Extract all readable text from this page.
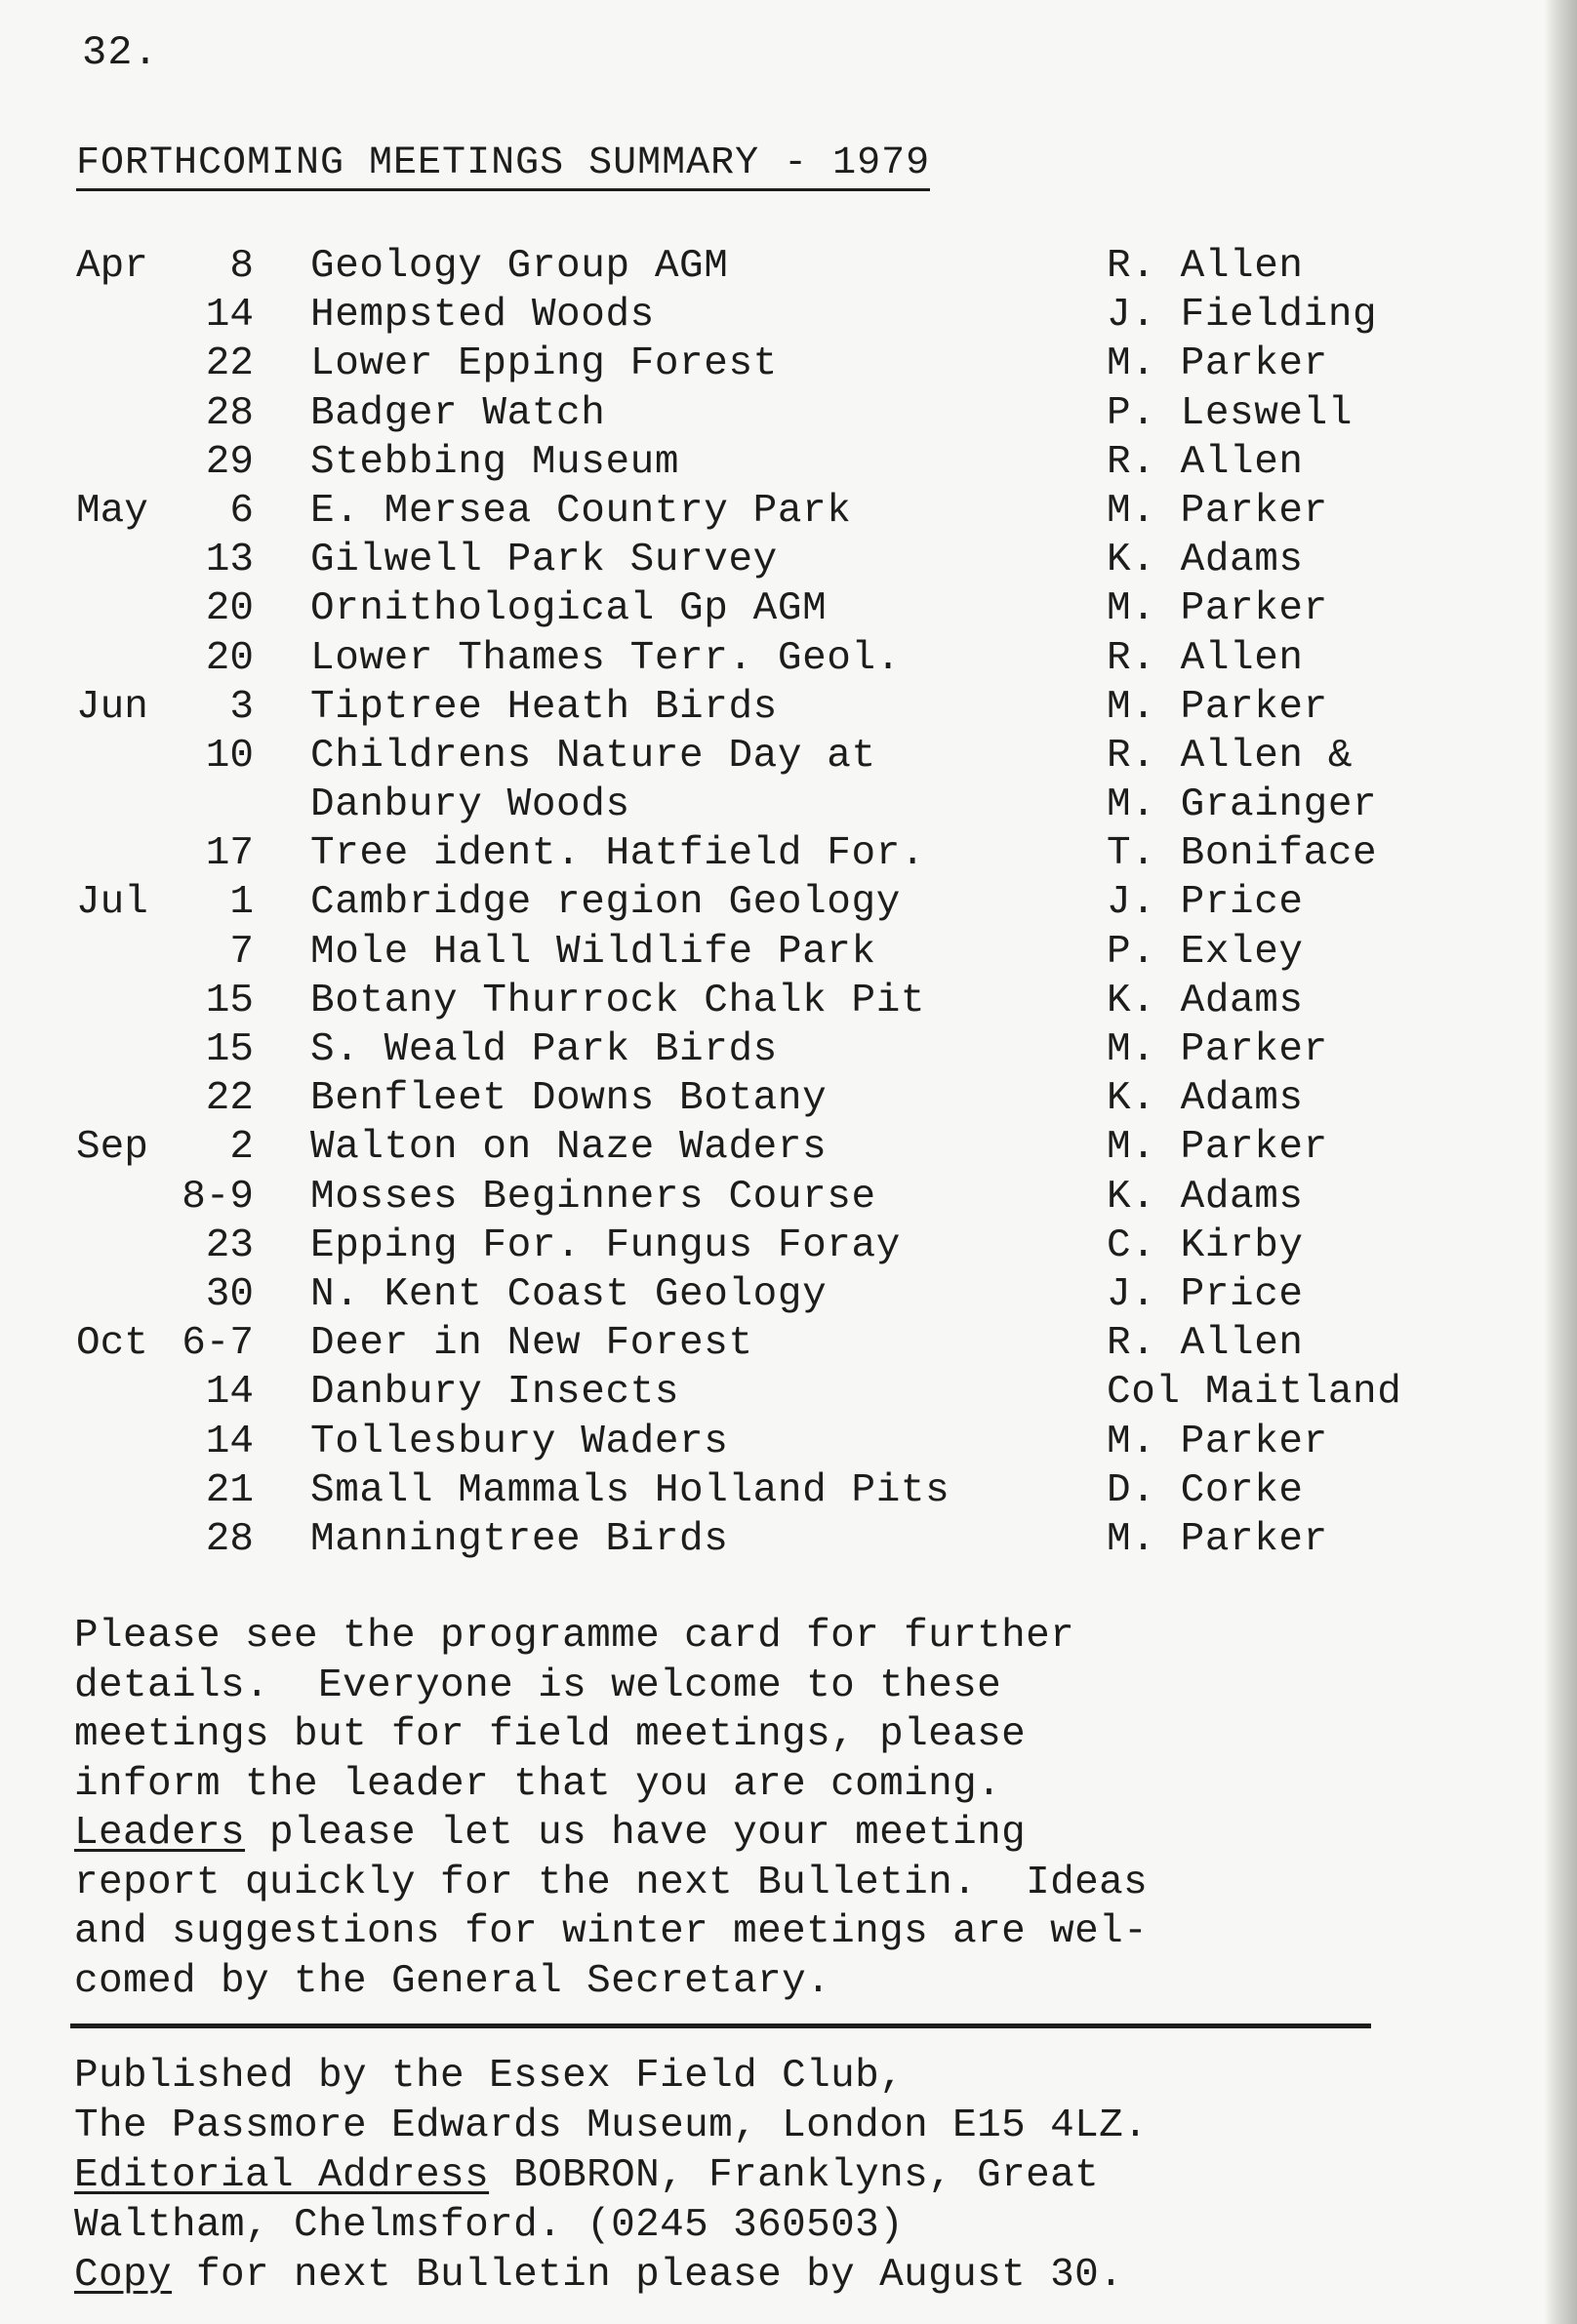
32.
FORTHCOMING MEETINGS SUMMARY - 1979
Apr	8 Geology Group AGM	R. Allen
14 Hempsted Woods	J. Fielding
22 Lower Epping Forest	M. Parker
28 Badger Watch	P. Leswell
29 Stebbing Museum	R. Allen
May	6 E. Mersea Country Park	M. Parker
13 Gilwell Park Survey	K. Adams
20 Ornithological Gp AGM	M. Parker
20 Lower Thames Terr. Geol.	R. Allen
Jun	3 Tiptree Heath Birds	M. Parker
10 Childrens Nature Day at	R. Allen &
Danbury Woods	M. Grainger
17 Tree ident. Hatfield For.	T. Boniface
Jul	1 Cambridge region Geology	J. Price
7 Mole Hall Wildlife Park	P. Exley
15 Botany Thurrock Chalk Pit	K. Adams
15 S. Weald Park Birds	M. Parker
22 Benfleet Downs Botany	K. Adams
Sep	2 Walton on Naze Waders	M. Parker
8-9 Mosses Beginners Course	K. Adams
23 Epping For. Fungus Foray	C. Kirby
30 N. Kent Coast Geology	J. Price
Oct 6-7 Deer in New Forest	R. Allen
14 Danbury Insects	Col Maitland
14 Tollesbury Waders	M. Parker
21 Small Mammals Holland Pits	D. Corke
28 Manningtree Birds	M. Parker
Please see the programme card for further
details.  Everyone is welcome to these
meetings but for field meetings, please
inform the leader that you are coming.
Leaders please let us have your meeting
report quickly for the next Bulletin.  Ideas
and suggestions for winter meetings are wel-
comed by the General Secretary.
Published by the Essex Field Club,
The Passmore Edwards Museum, London E15 4LZ.
Editorial Address BOBRON, Franklyns, Great
Waltham, Chelmsford. (0245 360503)
Copy for next Bulletin please by August 30.
